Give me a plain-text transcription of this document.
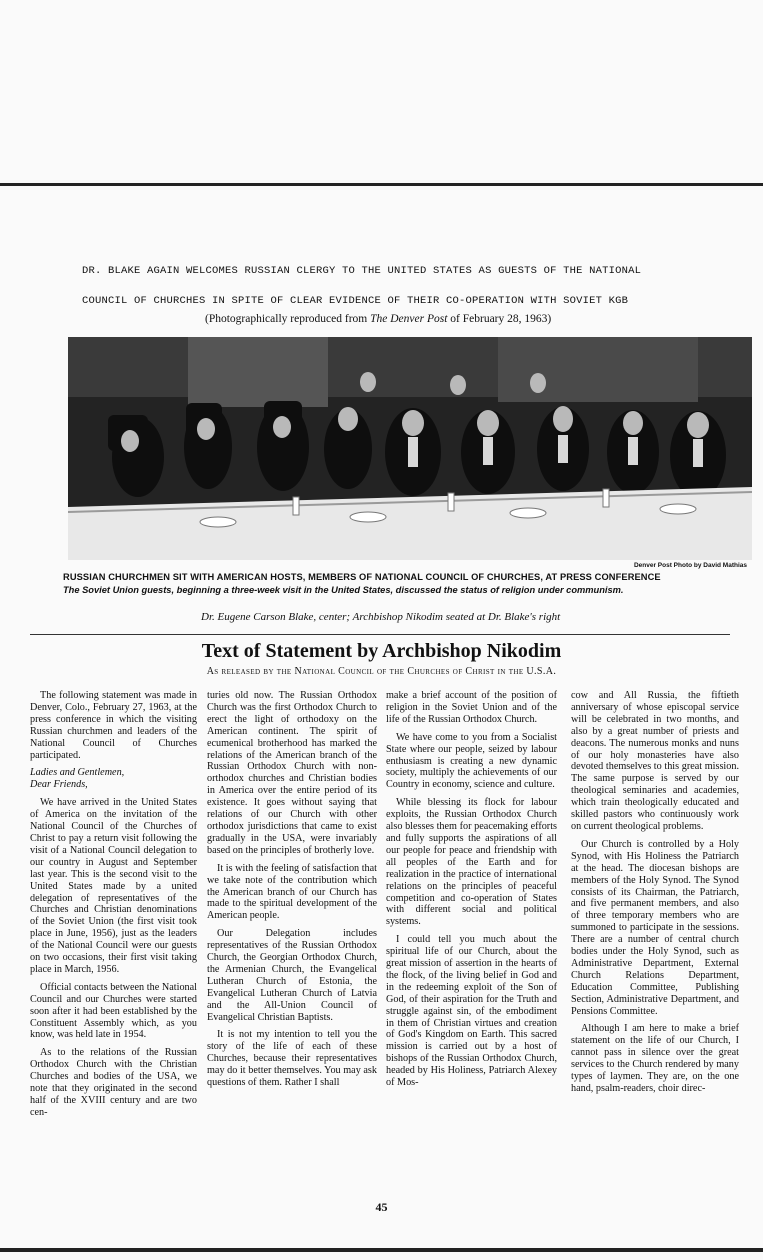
DR. BLAKE AGAIN WELCOMES RUSSIAN CLERGY TO THE UNITED STATES AS GUESTS OF THE NATIONAL
COUNCIL OF CHURCHES IN SPITE OF CLEAR EVIDENCE OF THEIR CO-OPERATION WITH SOVIET KGB
(Photographically reproduced from The Denver Post of February 28, 1963)
Denver Post Photo by David Mathias
RUSSIAN CHURCHMEN SIT WITH AMERICAN HOSTS, MEMBERS OF NATIONAL COUNCIL OF CHURCHES, AT PRESS CONFERENCE
The Soviet Union guests, beginning a three-week visit in the United States, discussed the status of religion under communism.
Dr. Eugene Carson Blake, center; Archbishop Nikodim seated at Dr. Blake's right
Text of Statement by Archbishop Nikodim
As released by the National Council of the Churches of Christ in the U.S.A.

The following statement was made in Denver, Colo., February 27, 1963, at the press conference in which the visiting Russian churchmen and leaders of the National Council of Churches participated.

Ladies and Gentlemen,
Dear Friends,

We have arrived in the United States of America on the invitation of the National Council of the Churches of Christ to pay a return visit following the visit of a National Council delegation to our country in August and September last year. This is the second visit to the United States made by a united delegation of representatives of the Churches and Christian denominations of the Soviet Union (the first visit took place in June, 1956), just as the leaders of the National Council were our guests on two occasions, their first visit taking place in March, 1956.

Official contacts between the National Council and our Churches were started soon after it had been established by the Constituent Assembly which, as you know, was held late in 1954.

As to the relations of the Russian Orthodox Church with the Christian Churches and bodies of the USA, we note that they originated in the second half of the XVIII century and are two cen-

turies old now. The Russian Orthodox Church was the first Orthodox Church to erect the light of orthodoxy on the American continent. The spirit of ecumenical brotherhood has marked the relations of the American branch of the Russian Orthodox Church with non-orthodox churches and Christian bodies in America over the entire period of its existence. It goes without saying that relations of our Church with other orthodox jurisdictions that came to exist gradually in the USA, were invariably based on the principles of brotherly love.

It is with the feeling of satisfaction that we take note of the contribution which the American branch of our Church has made to the spiritual development of the American people.

Our Delegation includes representatives of the Russian Orthodox Church, the Georgian Orthodox Church, the Armenian Church, the Evangelical Lutheran Church of Estonia, the Evangelical Lutheran Church of Latvia and the All-Union Council of Evangelical Christian Baptists.

It is not my intention to tell you the story of the life of each of these Churches, because their representatives may do it better themselves. You may ask questions of them. Rather I shall

make a brief account of the position of religion in the Soviet Union and of the life of the Russian Orthodox Church.

We have come to you from a Socialist State where our people, seized by labour enthusiasm is creating a new dynamic society, multiply the achievements of our Country in economy, science and culture.

While blessing its flock for labour exploits, the Russian Orthodox Church also blesses them for peacemaking efforts and fully supports the aspirations of all our people for peace and friendship with all peoples of the Earth and for realization in the practice of international relations on the principles of peaceful competition and co-operation of States with different social and political systems.

I could tell you much about the spiritual life of our Church, about the great mission of assertion in the hearts of the flock, of the living belief in God and in the redeeming exploit of the Son of God, of their aspiration for the Truth and struggle against sin, of the embodiment in them of Christian virtues and creation of God's Kingdom on Earth. This sacred mission is carried out by a host of bishops of the Russian Orthodox Church, headed by His Holiness, Patriarch Alexey of Mos-

cow and All Russia, the fiftieth anniversary of whose episcopal service will be celebrated in two months, and also by a great number of priests and deacons. The numerous monks and nuns of our holy monasteries have also devoted themselves to this great mission. The same purpose is served by our theological seminaries and academies, which train theologically educated and skilled pastors who continuously work on current theological problems.

Our Church is controlled by a Holy Synod, with His Holiness the Patriarch at the head. The diocesan bishops are members of the Holy Synod. The Synod consists of its Chairman, the Patriarch, and five permanent members, and also of three temporary members who are summoned to participate in the sessions. There are a number of central church bodies under the Holy Synod, such as Administrative Department, External Church Relations Department, Education Committee, Publishing Section, Administrative Department, and Pensions Committee.

Although I am here to make a brief statement on the life of our Church, I cannot pass in silence over the great services to the Church rendered by many types of laymen. They are, on the one hand, psalm-readers, choir direc-

45
